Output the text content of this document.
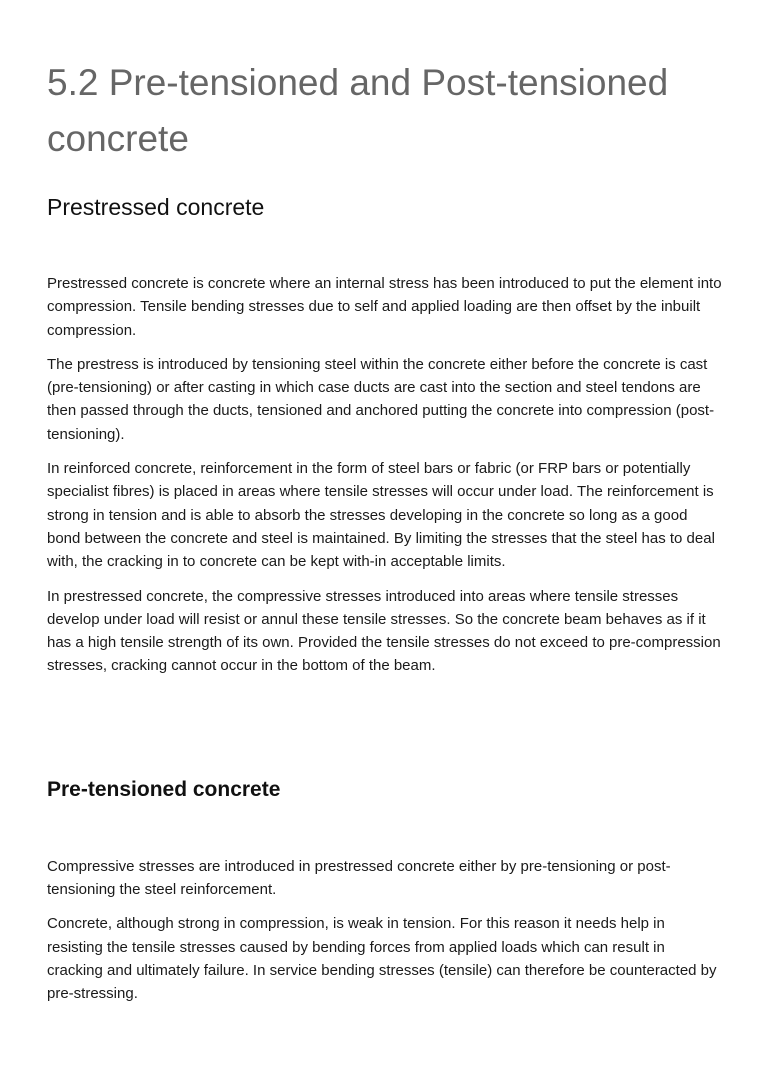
5.2 Pre-tensioned and Post-tensioned concrete
Prestressed concrete

Prestressed concrete is concrete where an internal stress has been introduced to put the element into compression. Tensile bending stresses due to self and applied loading are then offset by the inbuilt compression.

The prestress is introduced by tensioning steel within the concrete either before the concrete is cast (pre-tensioning) or after casting in which case ducts are cast into the section and steel tendons are then passed through the ducts, tensioned and anchored putting the concrete into compression (post-tensioning).

In reinforced concrete, reinforcement in the form of steel bars or fabric (or FRP bars or potentially specialist fibres) is placed in areas where tensile stresses will occur under load. The reinforcement is strong in tension and is able to absorb the stresses developing in the concrete so long as a good bond between the concrete and steel is maintained. By limiting the stresses that the steel has to deal with, the cracking in to concrete can be kept with-in acceptable limits.

In prestressed concrete, the compressive stresses introduced into areas where tensile stresses develop under load will resist or annul these tensile stresses. So the concrete beam behaves as if it has a high tensile strength of its own. Provided the tensile stresses do not exceed to pre-compression stresses, cracking cannot occur in the bottom of the beam.

Pre-tensioned concrete

Compressive stresses are introduced in prestressed concrete either by pre-tensioning or post-tensioning the steel reinforcement.

Concrete, although strong in compression, is weak in tension. For this reason it needs help in resisting the tensile stresses caused by bending forces from applied loads which can result in cracking and ultimately failure. In service bending stresses (tensile) can therefore be counteracted by pre-stressing.
